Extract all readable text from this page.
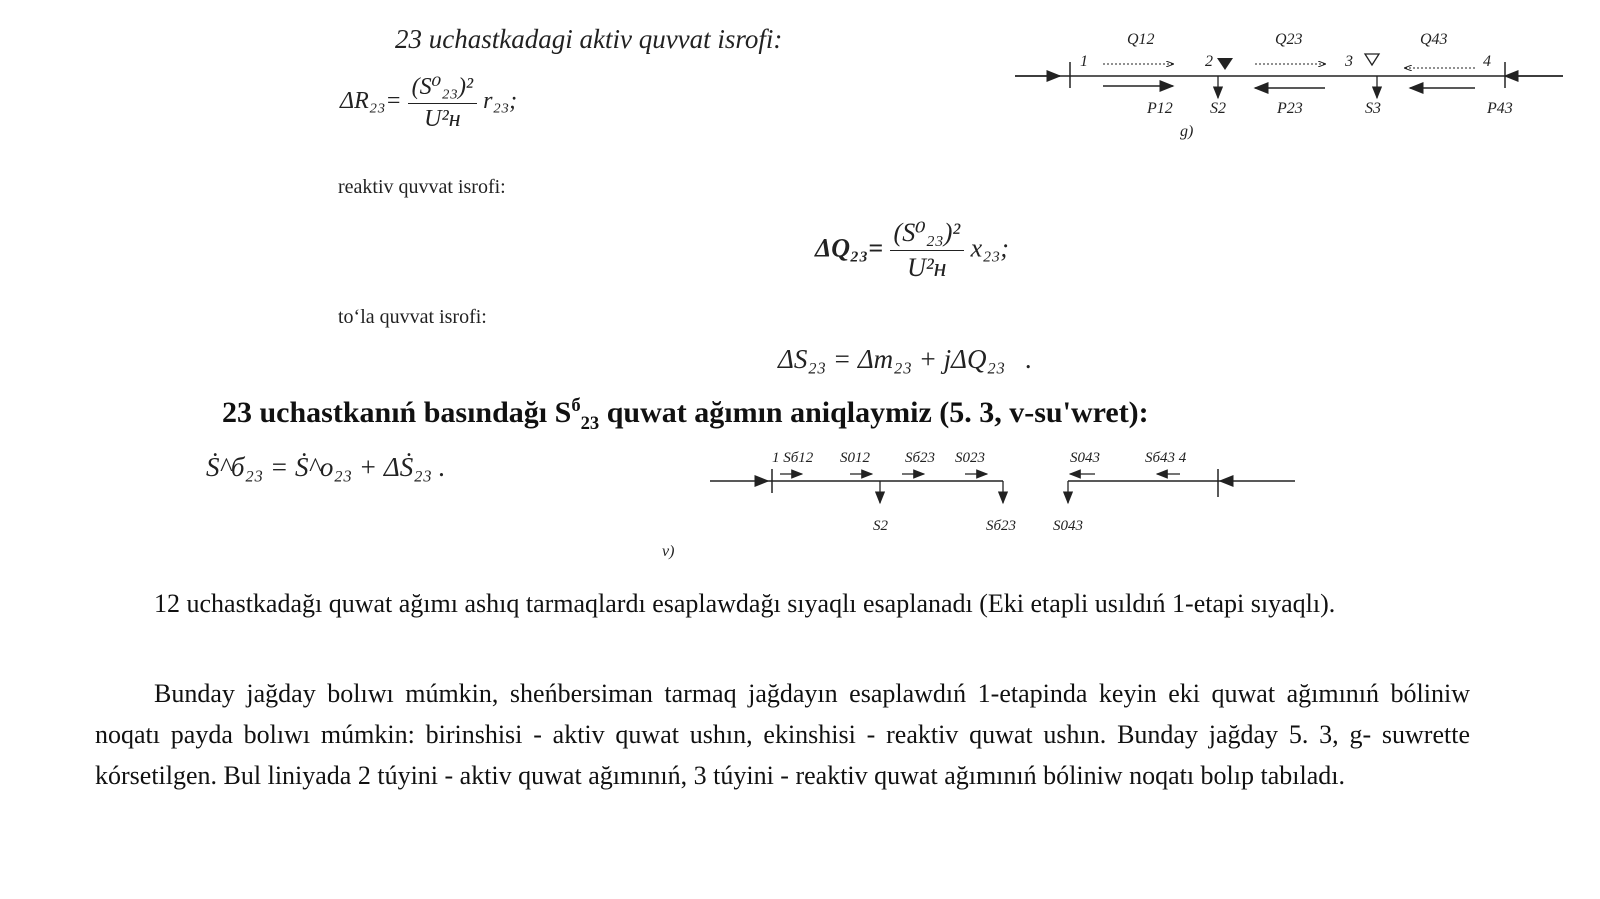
23 uchastkadagi aktiv quvvat isrofi:
$\Delta R_{23}= \frac{\text{(S⁰₂₃)²}}{\text{U²н}} r_{23}$;
reaktiv quvvat isrofi:
$\Delta Q_{23}= \frac{\text{(S⁰₂₃)²}}{\text{U²н}} x_{23}$;
to‘la quvvat isrofi:
ΔS₂₃ = Δm₂₃ + jΔQ₂₃   .
1	2	3	4
Q12	Q23	Q43
P12 S2	P23	S3	P43
g)
23 uchastkanıń basındağı $S^б_{23}$ quwat ağımın aniqlaymiz (5. 3, v-su'wret):
Ṡ^б₂₃ = Ṡ^o₂₃ + ΔṠ₂₃ .	1 Sб12 S012 Sб23 S023	S043	Sб43 4
S2	Sб23 S043
v)
12 uchastkadağı quwat ağımı ashıq tarmaqlardı esaplawdağı sıyaqlı esaplanadı (Eki etapli usıldıń 1-etapi sıyaqlı).
Bunday jağday bolıwı múmkin, sheńbersiman tarmaq jağdayın esaplawdıń 1-etapinda keyin eki quwat ağımınıń bóliniw noqatı payda bolıwı múmkin: birinshisi - aktiv quwat ushın, ekinshisi - reaktiv quwat ushın. Bunday jağday 5. 3, g- suwrette kórsetilgen. Bul liniyada 2 túyini - aktiv quwat ağımınıń, 3 túyini - reaktiv quwat ağımınıń bóliniw noqatı bolıp tabıladı.
